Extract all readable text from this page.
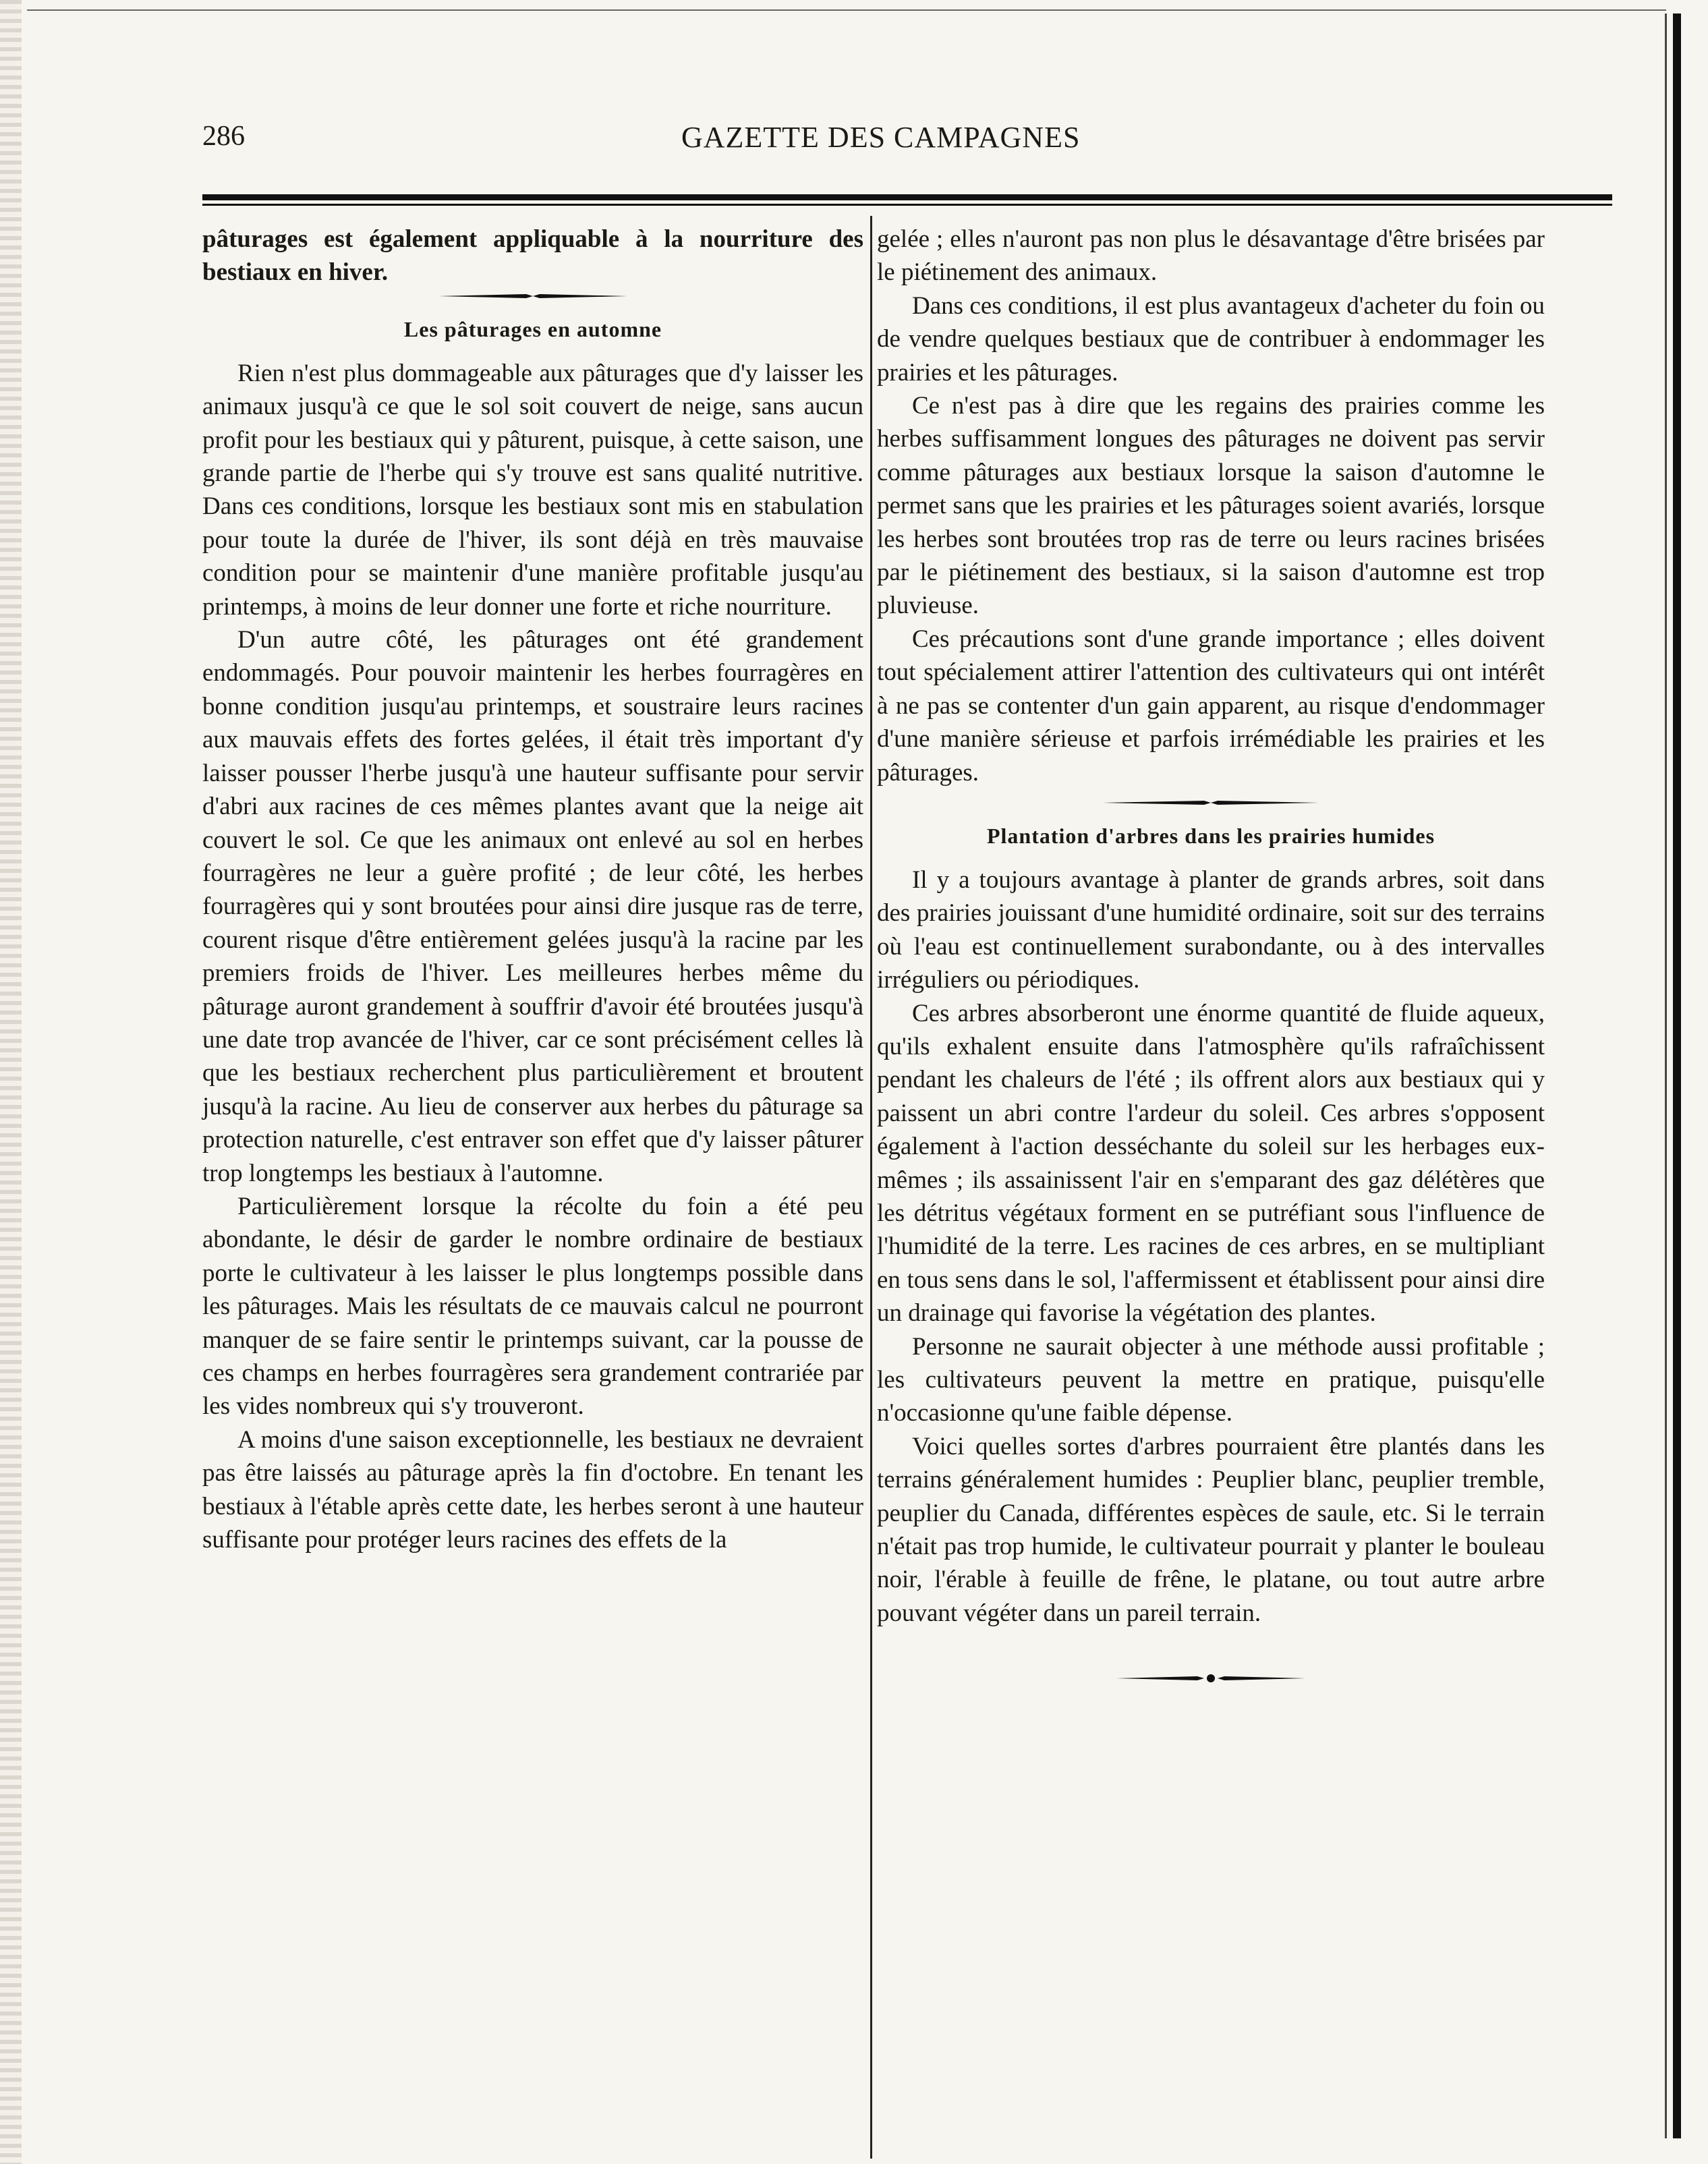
286	GAZETTE DES CAMPAGNES

pâturages est également appliquable à la nourriture des bestiaux en hiver.

Les pâturages en automne

Rien n'est plus dommageable aux pâturages que d'y laisser les animaux jusqu'à ce que le sol soit couvert de neige, sans aucun profit pour les bestiaux qui y pâturent, puisque, à cette saison, une grande partie de l'herbe qui s'y trouve est sans qualité nutritive. Dans ces conditions, lorsque les bestiaux sont mis en stabulation pour toute la durée de l'hiver, ils sont déjà en très mauvaise condition pour se maintenir d'une manière profitable jusqu'au printemps, à moins de leur donner une forte et riche nourriture.

D'un autre côté, les pâturages ont été grandement endommagés. Pour pouvoir maintenir les herbes fourragères en bonne condition jusqu'au printemps, et soustraire leurs racines aux mauvais effets des fortes gelées, il était très important d'y laisser pousser l'herbe jusqu'à une hauteur suffisante pour servir d'abri aux racines de ces mêmes plantes avant que la neige ait couvert le sol. Ce que les animaux ont enlevé au sol en herbes fourragères ne leur a guère profité ; de leur côté, les herbes fourragères qui y sont broutées pour ainsi dire jusque ras de terre, courent risque d'être entièrement gelées jusqu'à la racine par les premiers froids de l'hiver. Les meilleures herbes même du pâturage auront grandement à souffrir d'avoir été broutées jusqu'à une date trop avancée de l'hiver, car ce sont précisément celles là que les bestiaux recherchent plus particulièrement et broutent jusqu'à la racine. Au lieu de conserver aux herbes du pâturage sa protection naturelle, c'est entraver son effet que d'y laisser pâturer trop longtemps les bestiaux à l'automne.

Particulièrement lorsque la récolte du foin a été peu abondante, le désir de garder le nombre ordinaire de bestiaux porte le cultivateur à les laisser le plus longtemps possible dans les pâturages. Mais les résultats de ce mauvais calcul ne pourront manquer de se faire sentir le printemps suivant, car la pousse de ces champs en herbes fourragères sera grandement contrariée par les vides nombreux qui s'y trouveront.

A moins d'une saison exceptionnelle, les bestiaux ne devraient pas être laissés au pâturage après la fin d'octobre. En tenant les bestiaux à l'étable après cette date, les herbes seront à une hauteur suffisante pour protéger leurs racines des effets de la

gelée ; elles n'auront pas non plus le désavantage d'être brisées par le piétinement des animaux.

Dans ces conditions, il est plus avantageux d'acheter du foin ou de vendre quelques bestiaux que de contribuer à endommager les prairies et les pâturages.

Ce n'est pas à dire que les regains des prairies comme les herbes suffisamment longues des pâturages ne doivent pas servir comme pâturages aux bestiaux lorsque la saison d'automne le permet sans que les prairies et les pâturages soient avariés, lorsque les herbes sont broutées trop ras de terre ou leurs racines brisées par le piétinement des bestiaux, si la saison d'automne est trop pluvieuse.

Ces précautions sont d'une grande importance ; elles doivent tout spécialement attirer l'attention des cultivateurs qui ont intérêt à ne pas se contenter d'un gain apparent, au risque d'endommager d'une manière sérieuse et parfois irrémédiable les prairies et les pâturages.

Plantation d'arbres dans les prairies humides

Il y a toujours avantage à planter de grands arbres, soit dans des prairies jouissant d'une humidité ordinaire, soit sur des terrains où l'eau est continuellement surabondante, ou à des intervalles irréguliers ou périodiques.

Ces arbres absorberont une énorme quantité de fluide aqueux, qu'ils exhalent ensuite dans l'atmosphère qu'ils rafraîchissent pendant les chaleurs de l'été ; ils offrent alors aux bestiaux qui y paissent un abri contre l'ardeur du soleil. Ces arbres s'opposent également à l'action desséchante du soleil sur les herbages eux-mêmes ; ils assainissent l'air en s'emparant des gaz délétères que les détritus végétaux forment en se putréfiant sous l'influence de l'humidité de la terre. Les racines de ces arbres, en se multipliant en tous sens dans le sol, l'affermissent et établissent pour ainsi dire un drainage qui favorise la végétation des plantes.

Personne ne saurait objecter à une méthode aussi profitable ; les cultivateurs peuvent la mettre en pratique, puisqu'elle n'occasionne qu'une faible dépense.

Voici quelles sortes d'arbres pourraient être plantés dans les terrains généralement humides : Peuplier blanc, peuplier tremble, peuplier du Canada, différentes espèces de saule, etc. Si le terrain n'était pas trop humide, le cultivateur pourrait y planter le bouleau noir, l'érable à feuille de frêne, le platane, ou tout autre arbre pouvant végéter dans un pareil terrain.
